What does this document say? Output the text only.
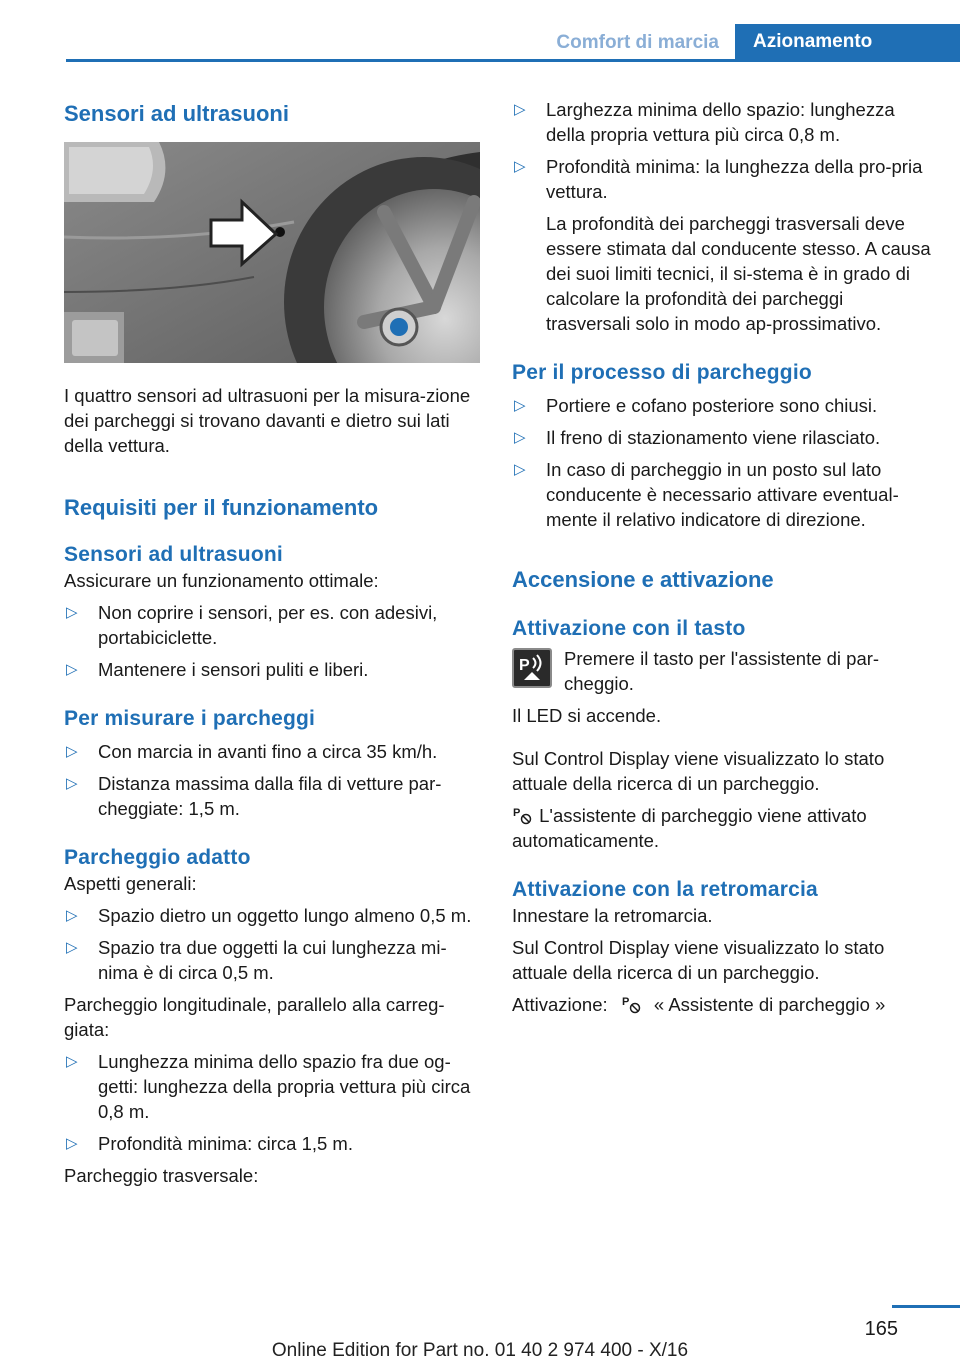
Comfort di marcia	Azionamento
Sensori ad ultrasuoni

I quattro sensori ad ultrasuoni per la misura-zione dei parcheggi si trovano davanti e dietro sui lati della vettura.

Requisiti per il funzionamento
Sensori ad ultrasuoni

Assicurare un funzionamento ottimale:

▷ Non coprire i sensori, per es. con adesivi, portabiciclette.
▷ Mantenere i sensori puliti e liberi.
Per misurare i parcheggi
▷ Con marcia in avanti fino a circa 35 km/h.
▷ Distanza massima dalla fila di vetture par-cheggiate: 1,5 m.
Parcheggio adatto

Aspetti generali:

▷ Spazio dietro un oggetto lungo almeno 0,5 m.
▷ Spazio tra due oggetti la cui lunghezza mi-nima è di circa 0,5 m.

Parcheggio longitudinale, parallelo alla carreg-giata:

▷ Lunghezza minima dello spazio fra due og-getti: lunghezza della propria vettura più circa 0,8 m.
▷ Profondità minima: circa 1,5 m.

Parcheggio trasversale:

▷ Larghezza minima dello spazio: lunghezza della propria vettura più circa 0,8 m.
▷ Profondità minima: la lunghezza della pro-pria vettura.

La profondità dei parcheggi trasversali deve essere stimata dal conducente stesso. A causa dei suoi limiti tecnici, il si-stema è in grado di calcolare la profondità dei parcheggi trasversali solo in modo ap-prossimativo.

Per il processo di parcheggio
▷ Portiere e cofano posteriore sono chiusi.
▷ Il freno di stazionamento viene rilasciato.
▷ In caso di parcheggio in un posto sul lato conducente è necessario attivare eventual-mente il relativo indicatore di direzione.
Accensione e attivazione
Attivazione con il tasto
P Premere il tasto per l'assistente di par-cheggio.

Il LED si accende.

Sul Control Display viene visualizzato lo stato attuale della ricerca di un parcheggio.

P L'assistente di parcheggio viene attivato automaticamente.

Attivazione con la retromarcia

Innestare la retromarcia.

Sul Control Display viene visualizzato lo stato attuale della ricerca di un parcheggio.

Attivazione: P « Assistente di parcheggio »

165
Online Edition for Part no. 01 40 2 974 400 - X/16
